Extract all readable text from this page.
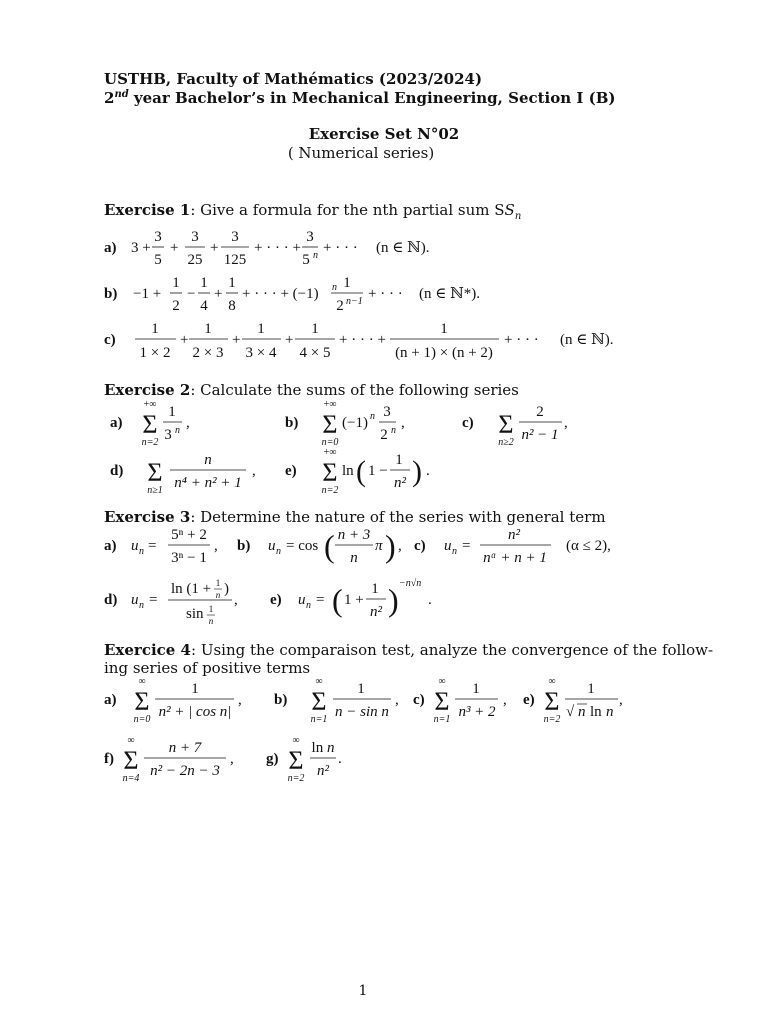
USTHB, Faculty of Mathématics (2023/2024)
2nd year Bachelor’s in Mechanical Engineering, Section I (B)
Exercise Set N°02
( Numerical series)
Exercise 1: Give a formula for the nth partial sum $SS_n$
a) 3 +
3
5
+
3
25
+
3
125
+ · · · +
3
5 n + · · · (n ∈ ℕ).
b) −1 +
1
2
−
1
4
+
1
8
+ · · · + (−1) n 1
2 n−1 + · · · (n ∈ ℕ*).
c)
1
1 × 2
+
1
2 × 3
+
1
3 × 4
+
1
4 × 5
+ · · · +
1
(n + 1) × (n + 2)
+ · · · (n ∈ ℕ).
Exercise 2: Calculate the sums of the following series
a)
+∞
Σ
n=2
1
3 n ,	b)
+∞
Σ
n=0
(−1) n 3
2 n ,	c) Σ
n≥2
2
n² − 1
,
d) Σ
n≥1
n
n⁴ + n² + 1
, e)
+∞
Σ
n=2
ln ( 1 −
1
n² ) .
Exercise 3: Determine the nature of the series with general term
a) u n =
5ⁿ + 2
3ⁿ − 1
, b) u n = cos ( n + 3
n
π ) , c) u n =
n²
nᵅ + n + 1
(α ≤ 2),
d) u n =
ln (1 + 1
n )
sin 1
n
, e) u n = ( 1 +
1
n² ) −n√n
.
Exercice 4: Using the comparaison test, analyze the convergence of the follow-
ing series of positive terms
a)
∞
Σ
n=0
1
n² + | cos n|
, b)
∞
Σ
n=1
1
n − sin n
, c)
∞
Σ
n=1
1
n³ + 2
, e)
∞
Σ
n=2
1
√ n ln n
,
f)
∞
Σ
n=4
n + 7
n² − 2n − 3
, g)
∞
Σ
n=2
ln n
n²
.
1
